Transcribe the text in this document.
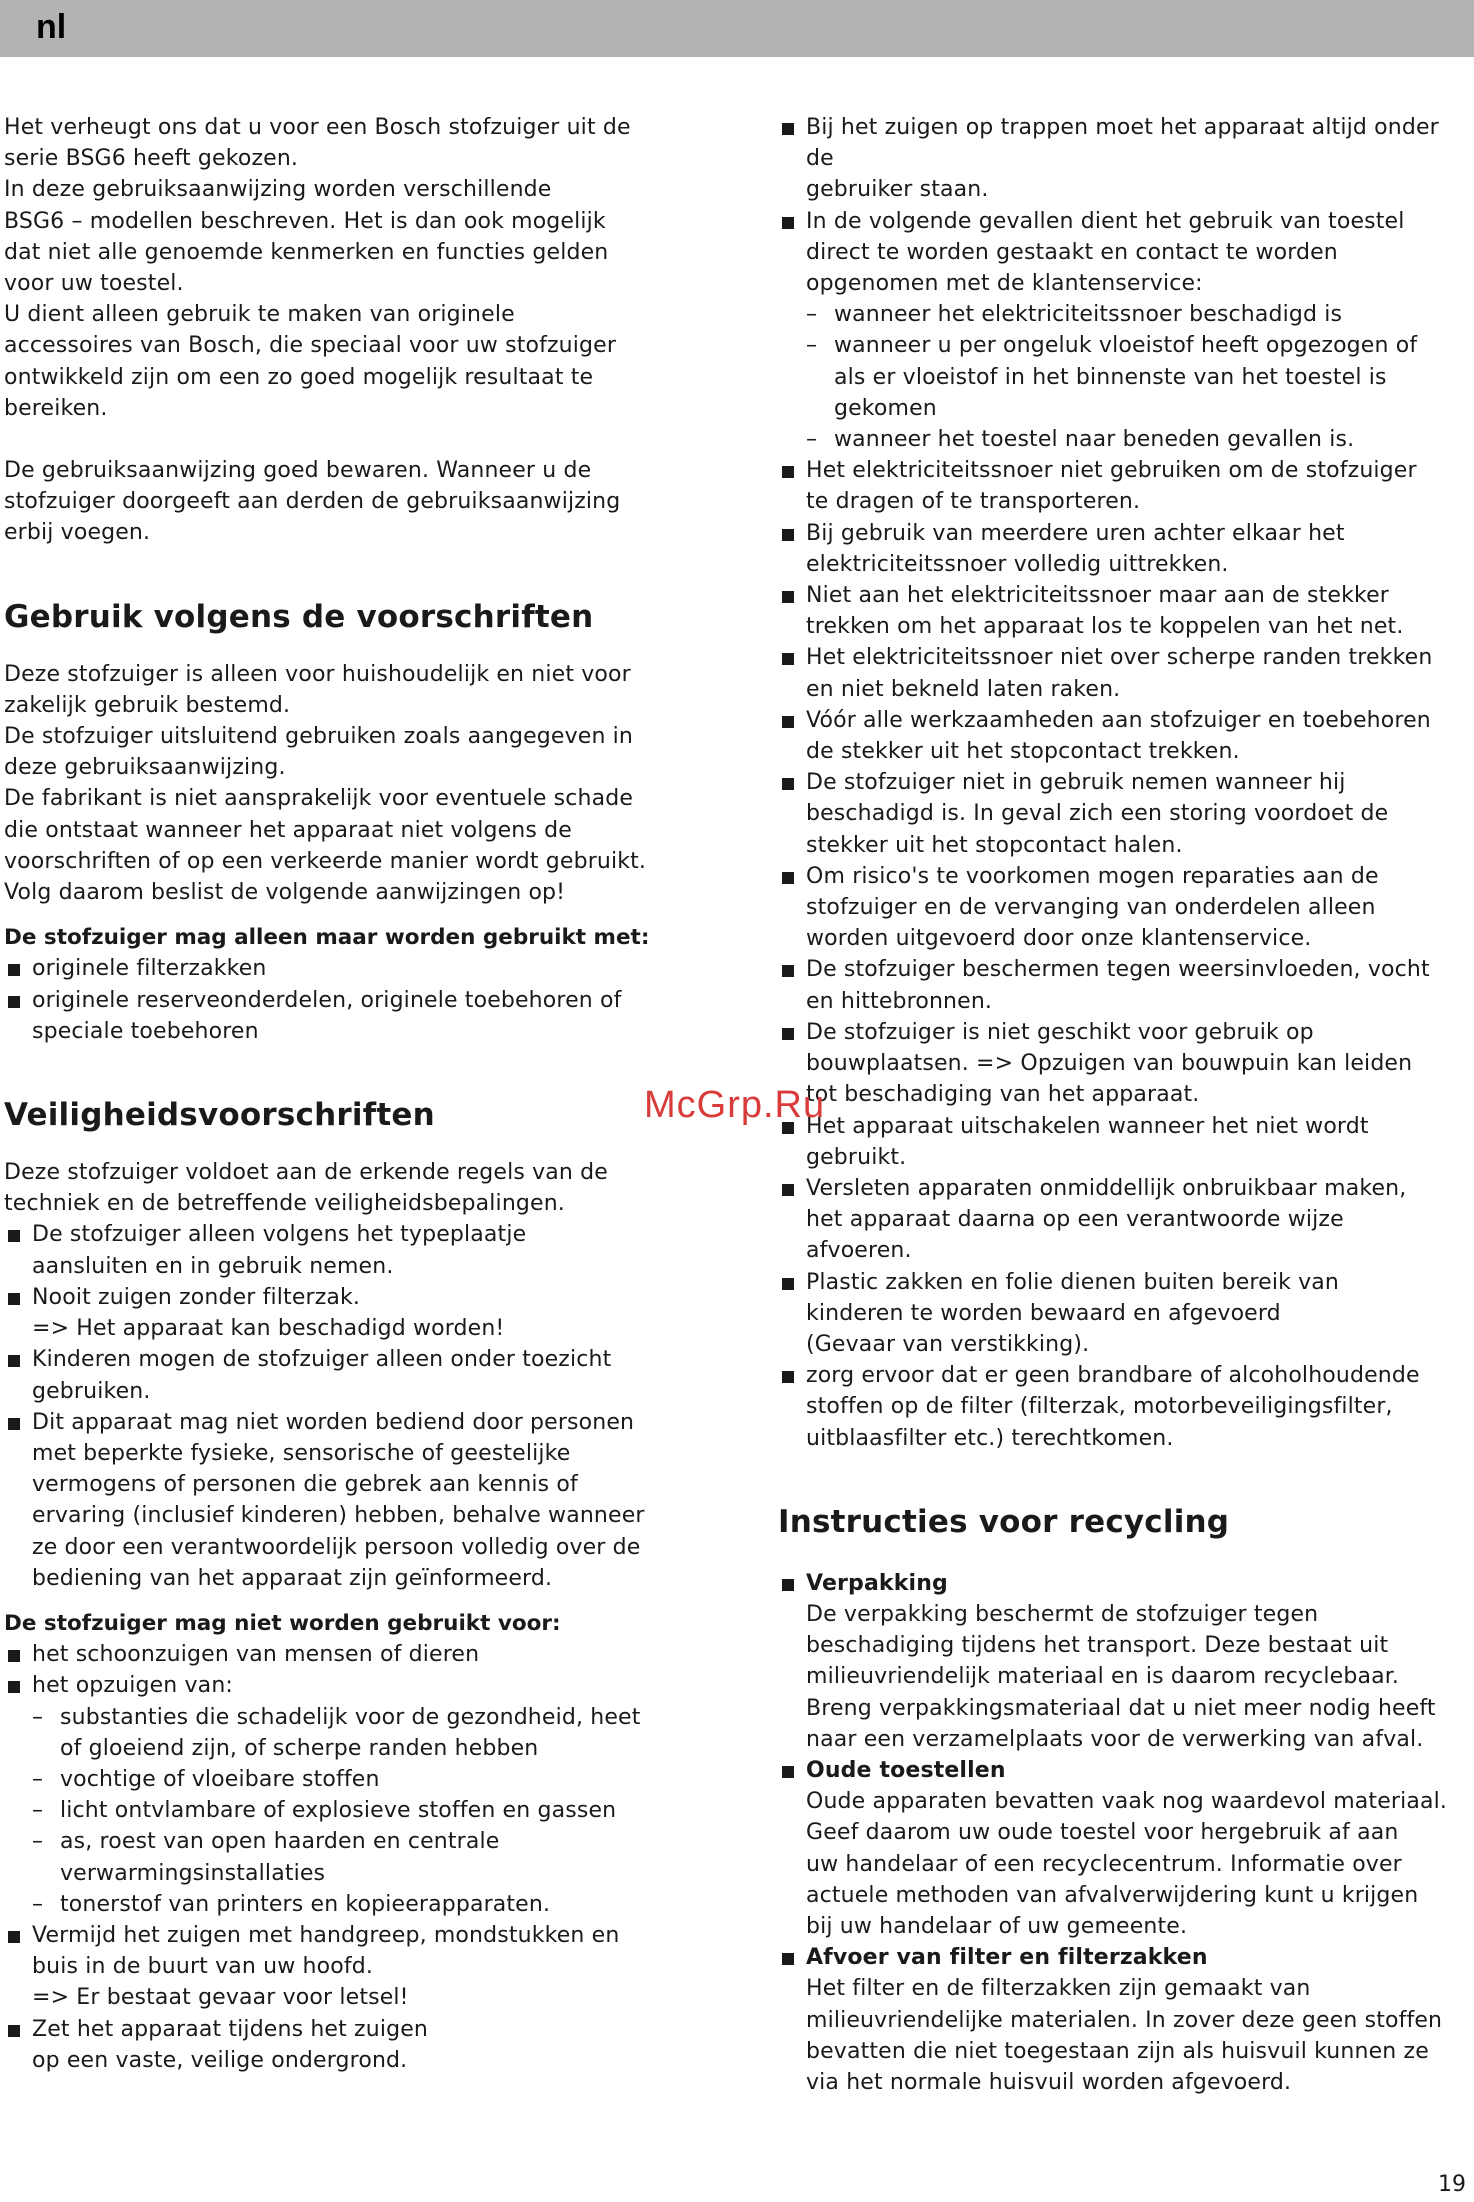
nl

Het verheugt ons dat u voor een Bosch stofzuiger uit de
serie BSG6 heeft gekozen.
In deze gebruiksaanwijzing worden verschillende
BSG6 – modellen beschreven. Het is dan ook mogelijk
dat niet alle genoemde kenmerken en functies gelden
voor uw toestel.
U dient alleen gebruik te maken van originele
accessoires van Bosch, die speciaal voor uw stofzuiger
ontwikkeld zijn om een zo goed mogelijk resultaat te
bereiken.

De gebruiksaanwijzing goed bewaren. Wanneer u de
stofzuiger doorgeeft aan derden de gebruiksaanwijzing
erbij voegen.

Gebruik volgens de voorschriften

Deze stofzuiger is alleen voor huishoudelijk en niet voor
zakelijk gebruik bestemd.
De stofzuiger uitsluitend gebruiken zoals aangegeven in
deze gebruiksaanwijzing.
De fabrikant is niet aansprakelijk voor eventuele schade
die ontstaat wanneer het apparaat niet volgens de
voorschriften of op een verkeerde manier wordt gebruikt.
Volg daarom beslist de volgende aanwijzingen op!

De stofzuiger mag alleen maar worden gebruikt met:

originele filterzakken
originele reserveonderdelen, originele toebehoren of
speciale toebehoren
Veiligheidsvoorschriften

Deze stofzuiger voldoet aan de erkende regels van de
techniek en de betreffende veiligheidsbepalingen.

De stofzuiger alleen volgens het typeplaatje
aansluiten en in gebruik nemen.
Nooit zuigen zonder filterzak.
=> Het apparaat kan beschadigd worden!
Kinderen mogen de stofzuiger alleen onder toezicht
gebruiken.
Dit apparaat mag niet worden bediend door personen
met beperkte fysieke, sensorische of geestelijke
vermogens of personen die gebrek aan kennis of
ervaring (inclusief kinderen) hebben, behalve wanneer
ze door een verantwoordelijk persoon volledig over de
bediening van het apparaat zijn geïnformeerd.

De stofzuiger mag niet worden gebruikt voor:

het schoonzuigen van mensen of dieren
het opzuigen van:
– substanties die schadelijk voor de gezondheid, heet
of gloeiend zijn, of scherpe randen hebben
– vochtige of vloeibare stoffen
– licht ontvlambare of explosieve stoffen en gassen
– as, roest van open haarden en centrale
verwarmingsinstallaties
– tonerstof van printers en kopieerapparaten.
Vermijd het zuigen met handgreep, mondstukken en
buis in de buurt van uw hoofd.
=> Er bestaat gevaar voor letsel!
Zet het apparaat tijdens het zuigen
op een vaste, veilige ondergrond.
Bij het zuigen op trappen moet het apparaat altijd onder de
gebruiker staan.
In de volgende gevallen dient het gebruik van toestel
direct te worden gestaakt en contact te worden
opgenomen met de klantenservice:
– wanneer het elektriciteitssnoer beschadigd is
– wanneer u per ongeluk vloeistof heeft opgezogen of
als er vloeistof in het binnenste van het toestel is
gekomen
– wanneer het toestel naar beneden gevallen is.
Het elektriciteitssnoer niet gebruiken om de stofzuiger
te dragen of te transporteren.
Bij gebruik van meerdere uren achter elkaar het
elektriciteitssnoer volledig uittrekken.
Niet aan het elektriciteitssnoer maar aan de stekker
trekken om het apparaat los te koppelen van het net.
Het elektriciteitssnoer niet over scherpe randen trekken
en niet bekneld laten raken.
Vóór alle werkzaamheden aan stofzuiger en toebehoren
de stekker uit het stopcontact trekken.
De stofzuiger niet in gebruik nemen wanneer hij
beschadigd is. In geval zich een storing voordoet de
stekker uit het stopcontact halen.
Om risico's te voorkomen mogen reparaties aan de
stofzuiger en de vervanging van onderdelen alleen
worden uitgevoerd door onze klantenservice.
De stofzuiger beschermen tegen weersinvloeden, vocht
en hittebronnen.
De stofzuiger is niet geschikt voor gebruik op
bouwplaatsen. => Opzuigen van bouwpuin kan leiden
tot beschadiging van het apparaat.
Het apparaat uitschakelen wanneer het niet wordt
gebruikt.
Versleten apparaten onmiddellijk onbruikbaar maken,
het apparaat daarna op een verantwoorde wijze
afvoeren.
Plastic zakken en folie dienen buiten bereik van
kinderen te worden bewaard en afgevoerd
(Gevaar van verstikking).
zorg ervoor dat er geen brandbare of alcoholhoudende
stoffen op de filter (filterzak, motorbeveiligingsfilter,
uitblaasfilter etc.) terechtkomen.
Instructies voor recycling
Verpakking
De verpakking beschermt de stofzuiger tegen
beschadiging tijdens het transport. Deze bestaat uit
milieuvriendelijk materiaal en is daarom recyclebaar.
Breng verpakkingsmateriaal dat u niet meer nodig heeft
naar een verzamelplaats voor de verwerking van afval.
Oude toestellen
Oude apparaten bevatten vaak nog waardevol materiaal.
Geef daarom uw oude toestel voor hergebruik af aan
uw handelaar of een recyclecentrum. Informatie over
actuele methoden van afvalverwijdering kunt u krijgen
bij uw handelaar of uw gemeente.
Afvoer van filter en filterzakken
Het filter en de filterzakken zijn gemaakt van
milieuvriendelijke materialen. In zover deze geen stoffen
bevatten die niet toegestaan zijn als huisvuil kunnen ze
via het normale huisvuil worden afgevoerd.
McGrp.Ru
19
